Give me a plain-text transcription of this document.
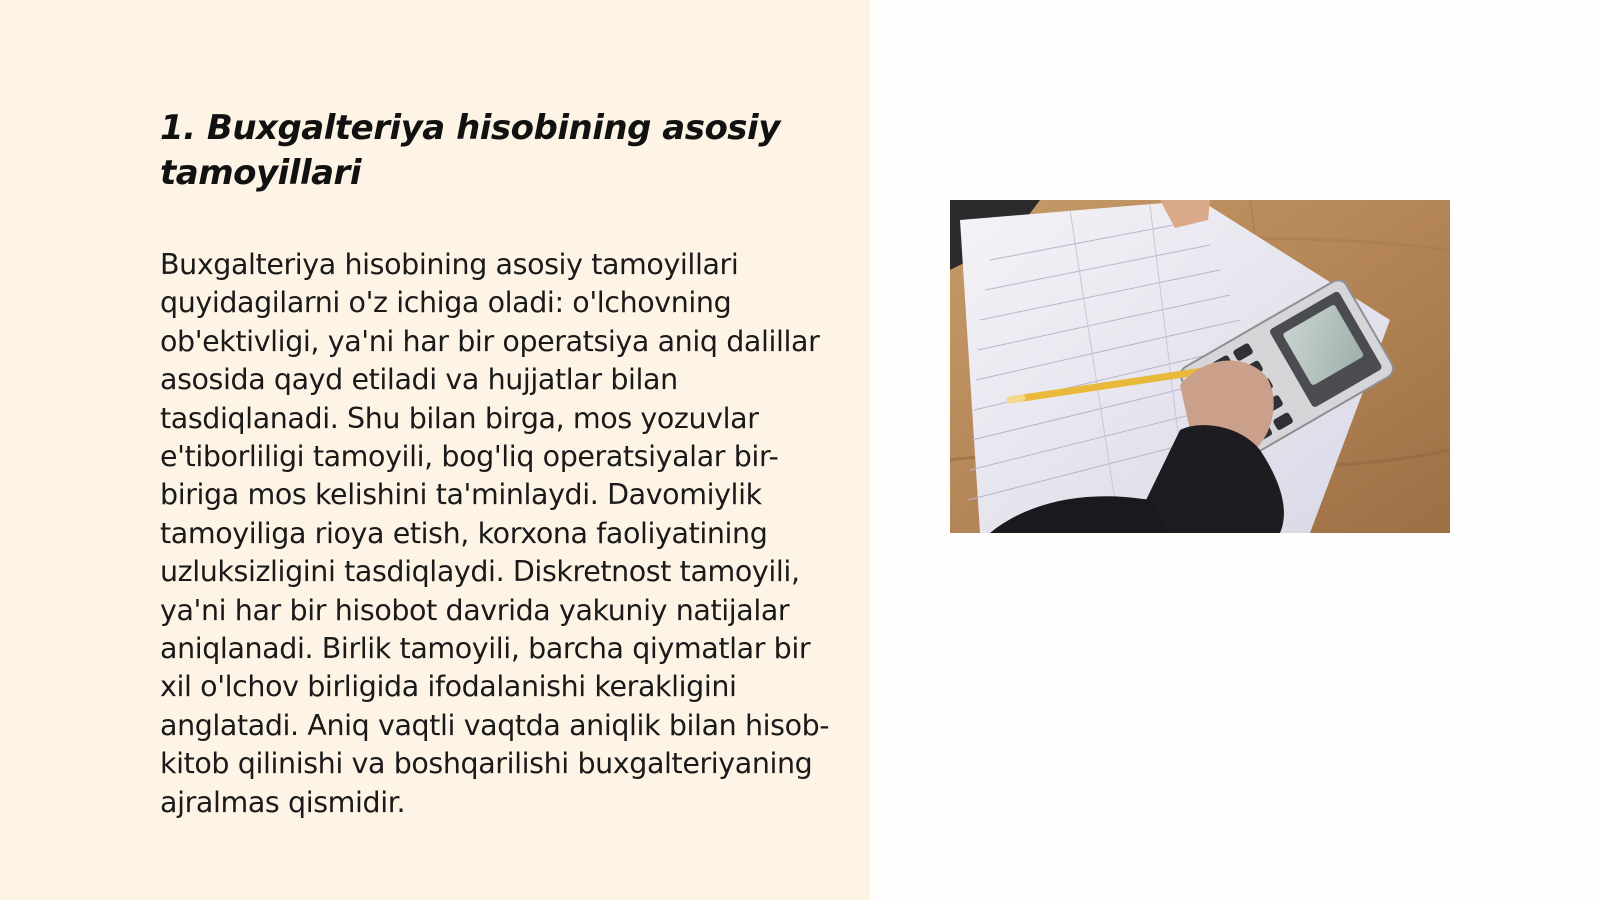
1. Buxgalteriya hisobining asosiy tamoyillari

Buxgalteriya hisobining asosiy tamoyillari quyidagilarni o'z ichiga oladi: o'lchovning ob'ektivligi, ya'ni har bir operatsiya aniq dalillar asosida qayd etiladi va hujjatlar bilan tasdiqlanadi. Shu bilan birga, mos yozuvlar e'tiborliligi tamoyili, bog'liq operatsiyalar bir-biriga mos kelishini ta'minlaydi. Davomiylik tamoyiliga rioya etish, korxona faoliyatining uzluksizligini tasdiqlaydi. Diskretnost tamoyili, ya'ni har bir hisobot davrida yakuniy natijalar aniqlanadi. Birlik tamoyili, barcha qiymatlar bir xil o'lchov birligida ifodalanishi kerakligini anglatadi. Aniq vaqtli vaqtda aniqlik bilan hisob-kitob qilinishi va boshqarilishi buxgalteriyaning ajralmas qismidir.
